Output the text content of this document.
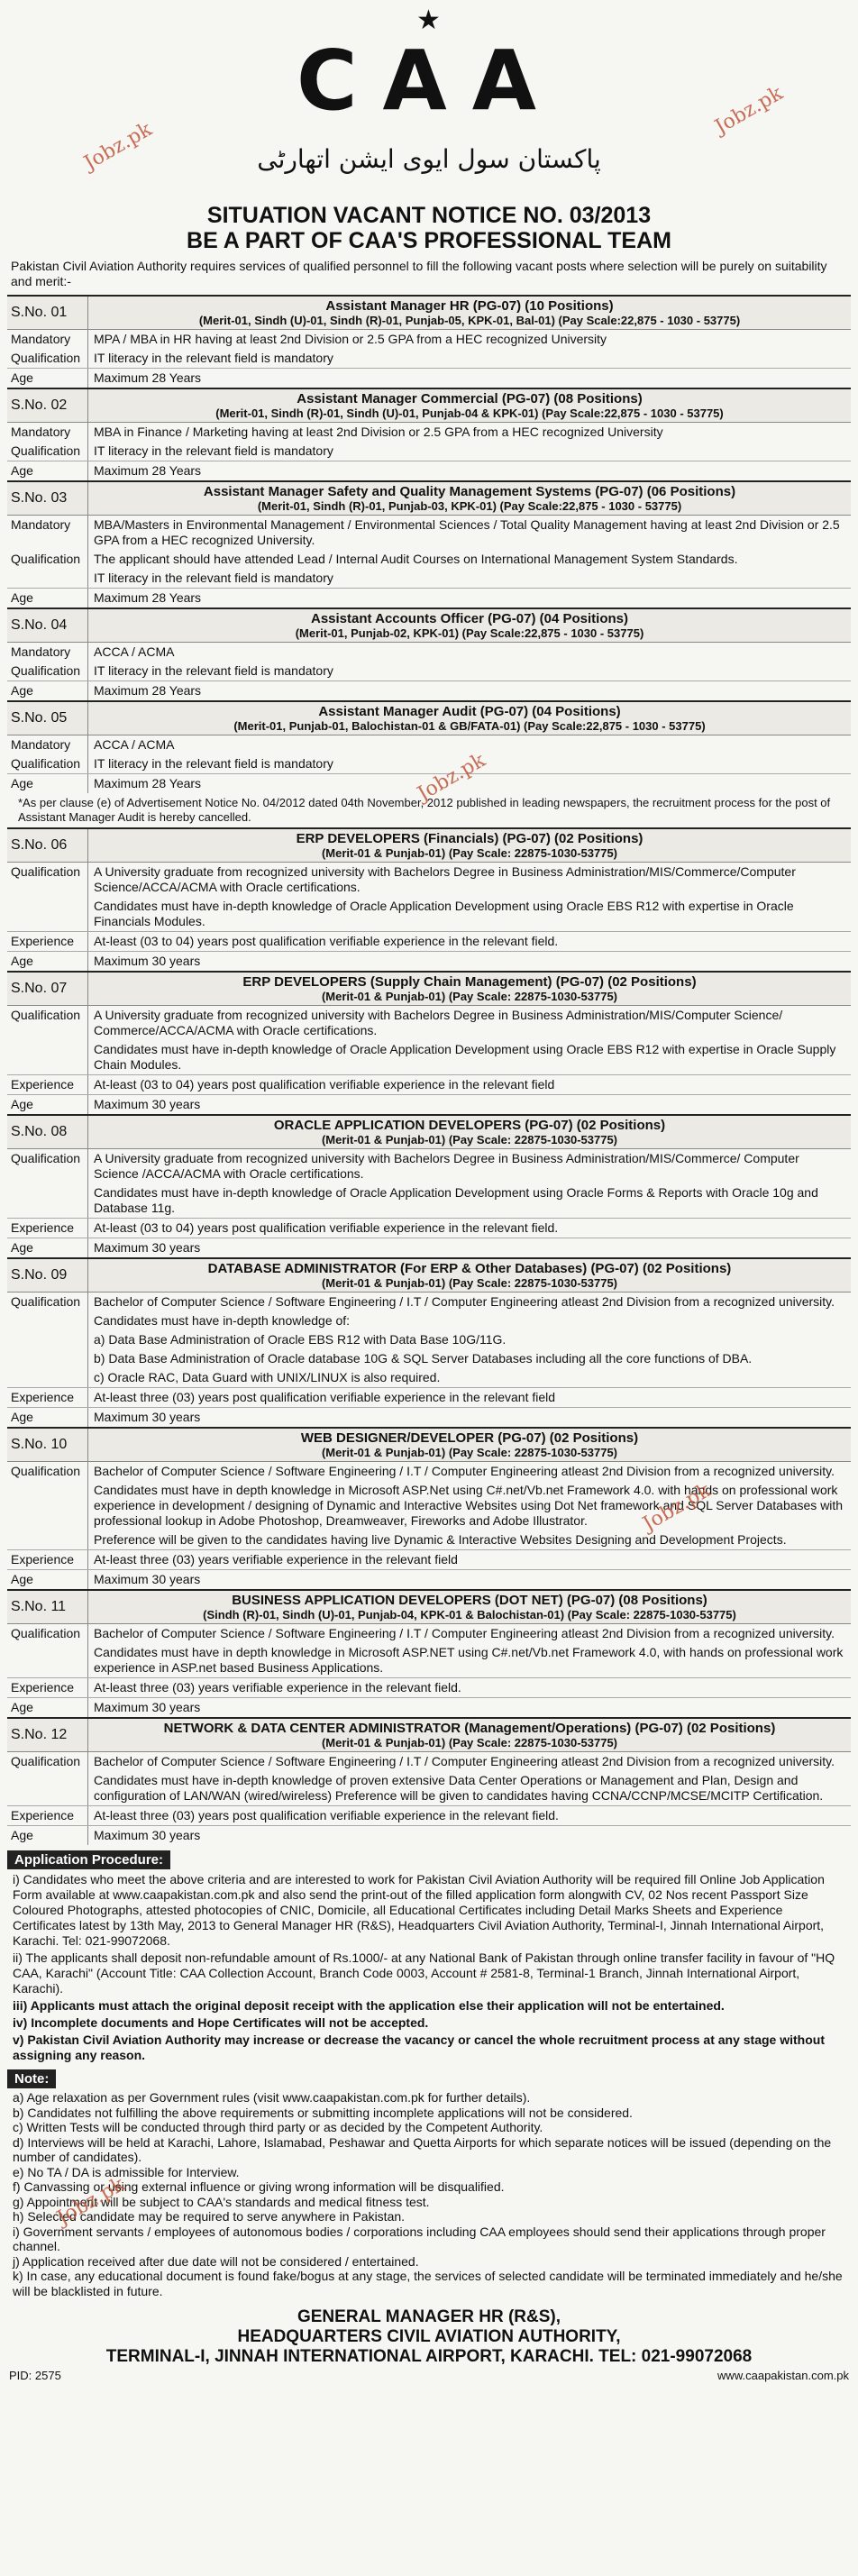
★
CAA
پاکستان سول ایوی ایشن اتھارٹی
SITUATION VACANT NOTICE NO. 03/2013
BE A PART OF CAA'S PROFESSIONAL TEAM
Pakistan Civil Aviation Authority requires services of qualified personnel to fill the following vacant posts where selection will be purely on suitability and merit:-
S.No. 01	Assistant Manager HR (PG-07) (10 Positions)
(Merit-01, Sindh (U)-01, Sindh (R)-01, Punjab-05, KPK-01, Bal-01) (Pay Scale:22,875 - 1030 - 53775)
Mandatory	MPA / MBA in HR having at least 2nd Division or 2.5 GPA from a HEC recognized University
Qualification	IT literacy in the relevant field is mandatory
Age	Maximum 28 Years
S.No. 02	Assistant Manager Commercial (PG-07) (08 Positions)
(Merit-01, Sindh (R)-01, Sindh (U)-01, Punjab-04 & KPK-01) (Pay Scale:22,875 - 1030 - 53775)
Mandatory	MBA in Finance / Marketing having at least 2nd Division or 2.5 GPA from a HEC recognized University
Qualification	IT literacy in the relevant field is mandatory
Age	Maximum 28 Years
S.No. 03	Assistant Manager Safety and Quality Management Systems (PG-07) (06 Positions)
(Merit-01, Sindh (R)-01, Punjab-03, KPK-01) (Pay Scale:22,875 - 1030 - 53775)
Mandatory	MBA/Masters in Environmental Management / Environmental Sciences / Total Quality Management having at least 2nd Division or 2.5 GPA from a HEC recognized University.
Qualification	The applicant should have attended Lead / Internal Audit Courses on International Management System Standards.
IT literacy in the relevant field is mandatory
Age	Maximum 28 Years
S.No. 04	Assistant Accounts Officer (PG-07) (04 Positions)
(Merit-01, Punjab-02, KPK-01) (Pay Scale:22,875 - 1030 - 53775)
Mandatory	ACCA / ACMA
Qualification	IT literacy in the relevant field is mandatory
Age	Maximum 28 Years
S.No. 05	Assistant Manager Audit (PG-07) (04 Positions)
(Merit-01, Punjab-01, Balochistan-01 & GB/FATA-01) (Pay Scale:22,875 - 1030 - 53775)
Mandatory	ACCA / ACMA
Qualification	IT literacy in the relevant field is mandatory
Age	Maximum 28 Years
*As per clause (e) of Advertisement Notice No. 04/2012 dated 04th November, 2012 published in leading newspapers, the recruitment process for the post of Assistant Manager Audit is hereby cancelled.
S.No. 06	ERP DEVELOPERS (Financials) (PG-07) (02 Positions)
(Merit-01 & Punjab-01) (Pay Scale: 22875-1030-53775)
Qualification	A University graduate from recognized university with Bachelors Degree in Business Administration/MIS/Commerce/Computer Science/ACCA/ACMA with Oracle certifications.
Candidates must have in-depth knowledge of Oracle Application Development using Oracle EBS R12 with expertise in Oracle Financials Modules.
Experience	At-least (03 to 04) years post qualification verifiable experience in the relevant field.
Age	Maximum 30 years
S.No. 07	ERP DEVELOPERS (Supply Chain Management) (PG-07) (02 Positions)
(Merit-01 & Punjab-01) (Pay Scale: 22875-1030-53775)
Qualification	A University graduate from recognized university with Bachelors Degree in Business Administration/MIS/Computer Science/ Commerce/ACCA/ACMA with Oracle certifications.
Candidates must have in-depth knowledge of Oracle Application Development using Oracle EBS R12 with expertise in Oracle Supply Chain Modules.
Experience	At-least (03 to 04) years post qualification verifiable experience in the relevant field
Age	Maximum 30 years
S.No. 08	ORACLE APPLICATION DEVELOPERS (PG-07) (02 Positions)
(Merit-01 & Punjab-01) (Pay Scale: 22875-1030-53775)
Qualification	A University graduate from recognized university with Bachelors Degree in Business Administration/MIS/Commerce/ Computer Science /ACCA/ACMA with Oracle certifications.
Candidates must have in-depth knowledge of Oracle Application Development using Oracle Forms & Reports with Oracle 10g and Database 11g.
Experience	At-least (03 to 04) years post qualification verifiable experience in the relevant field.
Age	Maximum 30 years
S.No. 09	DATABASE ADMINISTRATOR (For ERP & Other Databases) (PG-07) (02 Positions)
(Merit-01 & Punjab-01) (Pay Scale: 22875-1030-53775)
Qualification	Bachelor of Computer Science / Software Engineering / I.T / Computer Engineering atleast 2nd Division from a recognized university.
Candidates must have in-depth knowledge of:
a) Data Base Administration of Oracle EBS R12 with Data Base 10G/11G.
b) Data Base Administration of Oracle database 10G & SQL Server Databases including all the core functions of DBA.
c) Oracle RAC, Data Guard with UNIX/LINUX is also required.
Experience	At-least three (03) years post qualification verifiable experience in the relevant field
Age	Maximum 30 years
S.No. 10	WEB DESIGNER/DEVELOPER (PG-07) (02 Positions)
(Merit-01 & Punjab-01) (Pay Scale: 22875-1030-53775)
Qualification	Bachelor of Computer Science / Software Engineering / I.T / Computer Engineering atleast 2nd Division from a recognized university.
Candidates must have in depth knowledge in Microsoft ASP.Net using C#.net/Vb.net Framework 4.0. with hands on professional work experience in development / designing of Dynamic and Interactive Websites using Dot Net framework and SQL Server Databases with professional lookup in Adobe Photoshop, Dreamweaver, Fireworks and Adobe Illustrator.
Preference will be given to the candidates having live Dynamic & Interactive Websites Designing and Development Projects.
Experience	At-least three (03) years verifiable experience in the relevant field
Age	Maximum 30 years
S.No. 11	BUSINESS APPLICATION DEVELOPERS (DOT NET) (PG-07) (08 Positions)
(Sindh (R)-01, Sindh (U)-01, Punjab-04, KPK-01 & Balochistan-01) (Pay Scale: 22875-1030-53775)
Qualification	Bachelor of Computer Science / Software Engineering / I.T / Computer Engineering atleast 2nd Division from a recognized university.
Candidates must have in depth knowledge in Microsoft ASP.NET using C#.net/Vb.net Framework 4.0, with hands on professional work experience in ASP.net based Business Applications.
Experience	At-least three (03) years verifiable experience in the relevant field.
Age	Maximum 30 years
S.No. 12	NETWORK & DATA CENTER ADMINISTRATOR (Management/Operations) (PG-07) (02 Positions)
(Merit-01 & Punjab-01) (Pay Scale: 22875-1030-53775)
Qualification	Bachelor of Computer Science / Software Engineering / I.T / Computer Engineering atleast 2nd Division from a recognized university.
Candidates must have in-depth knowledge of proven extensive Data Center Operations or Management and Plan, Design and configuration of LAN/WAN (wired/wireless) Preference will be given to candidates having CCNA/CCNP/MCSE/MCITP Certification.
Experience	At-least three (03) years post qualification verifiable experience in the relevant field.
Age	Maximum 30 years
Application Procedure:

i) Candidates who meet the above criteria and are interested to work for Pakistan Civil Aviation Authority will be required fill Online Job Application Form available at www.caapakistan.com.pk and also send the print-out of the filled application form alongwith CV, 02 Nos recent Passport Size Coloured Photographs, attested photocopies of CNIC, Domicile, all Educational Certificates including Detail Marks Sheets and Experience Certificates latest by 13th May, 2013 to General Manager HR (R&S), Headquarters Civil Aviation Authority, Terminal-I, Jinnah International Airport, Karachi. Tel: 021-99072068.

ii) The applicants shall deposit non-refundable amount of Rs.1000/- at any National Bank of Pakistan through online transfer facility in favour of "HQ CAA, Karachi" (Account Title: CAA Collection Account, Branch Code 0003, Account # 2581-8, Terminal-1 Branch, Jinnah International Airport, Karachi).

iii) Applicants must attach the original deposit receipt with the application else their application will not be entertained.

iv) Incomplete documents and Hope Certificates will not be accepted.

v) Pakistan Civil Aviation Authority may increase or decrease the vacancy or cancel the whole recruitment process at any stage without assigning any reason.

Note:

a) Age relaxation as per Government rules (visit www.caapakistan.com.pk for further details).

b) Candidates not fulfilling the above requirements or submitting incomplete applications will not be considered.

c) Written Tests will be conducted through third party or as decided by the Competent Authority.

d) Interviews will be held at Karachi, Lahore, Islamabad, Peshawar and Quetta Airports for which separate notices will be issued (depending on the number of candidates).

e) No TA / DA is admissible for Interview.

f) Canvassing or using external influence or giving wrong information will be disqualified.

g) Appointment will be subject to CAA's standards and medical fitness test.

h) Selected candidate may be required to serve anywhere in Pakistan.

i) Government servants / employees of autonomous bodies / corporations including CAA employees should send their applications through proper channel.

j) Application received after due date will not be considered / entertained.

k) In case, any educational document is found fake/bogus at any stage, the services of selected candidate will be terminated immediately and he/she will be blacklisted in future.

GENERAL MANAGER HR (R&S),
HEADQUARTERS CIVIL AVIATION AUTHORITY,
TERMINAL-I, JINNAH INTERNATIONAL AIRPORT, KARACHI. TEL: 021-99072068
PID: 2575	www.caapakistan.com.pk
Jobz.pk
Jobz.pk
Jobz.pk
Jobz.pk
Jobz.pk
